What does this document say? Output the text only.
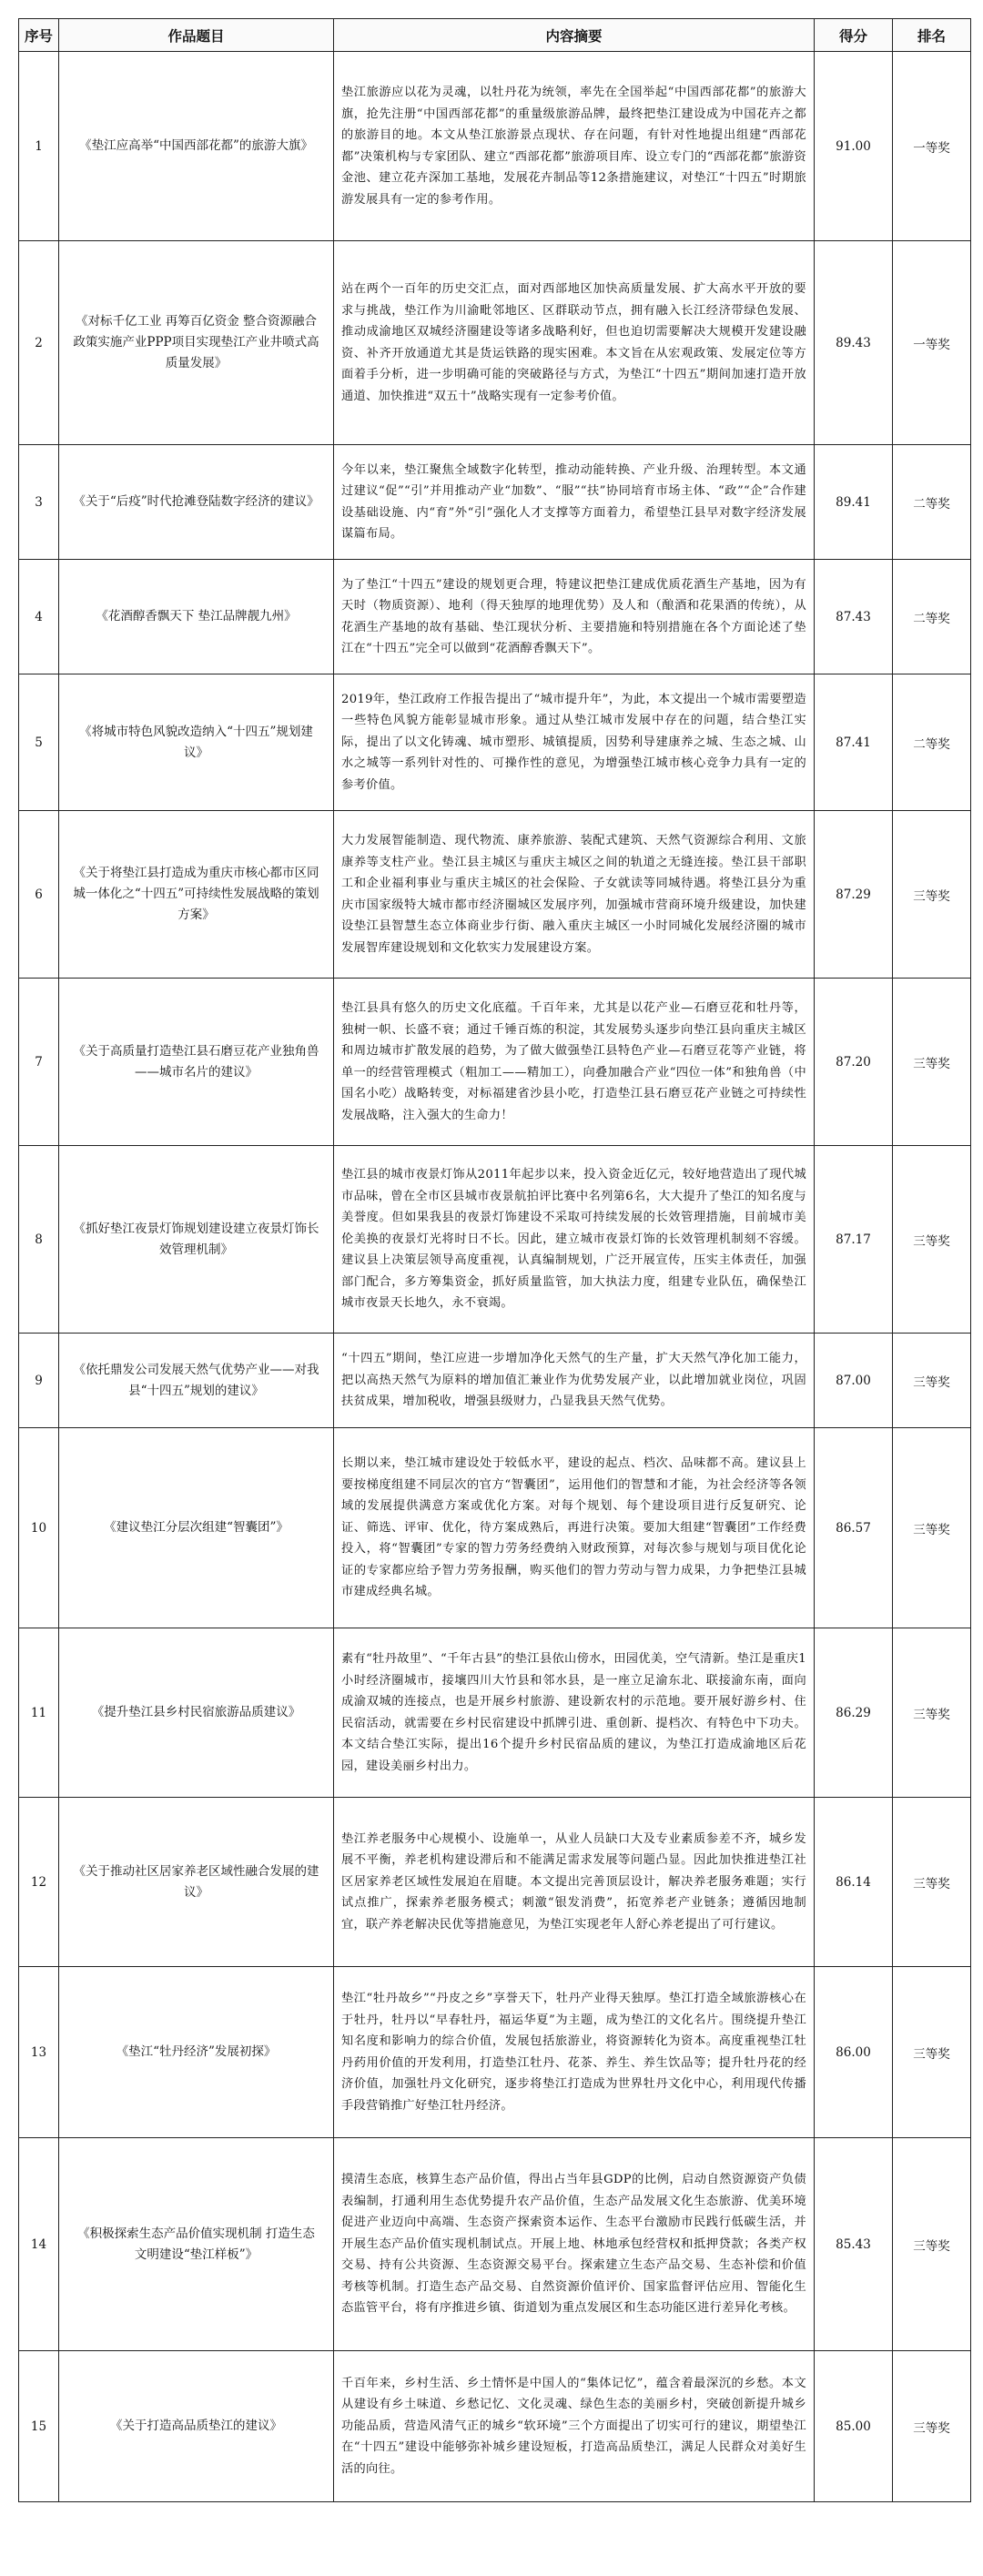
序号	作品题目	内容摘要	得分	排名
1	《垫江应高举“中国西部花都”的旅游大旗》	垫江旅游应以花为灵魂，以牡丹花为统领，率先在全国举起“中国西部花都”的旅游大旗，抢先注册“中国西部花都”的重量级旅游品牌，最终把垫江建设成为中国花卉之都的旅游目的地。本文从垫江旅游景点现状、存在问题，有针对性地提出组建“西部花都”决策机构与专家团队、建立“西部花都”旅游项目库、设立专门的“西部花都”旅游资金池、建立花卉深加工基地，发展花卉制品等12条措施建议，对垫江“十四五”时期旅游发展具有一定的参考作用。	91.00	一等奖
2	《对标千亿工业 再筹百亿资金 整合资源融合政策实施产业PPP项目实现垫江产业井喷式高质量发展》	站在两个一百年的历史交汇点，面对西部地区加快高质量发展、扩大高水平开放的要求与挑战，垫江作为川渝毗邻地区、区群联动节点，拥有融入长江经济带绿色发展、推动成渝地区双城经济圈建设等诸多战略利好，但也迫切需要解决大规模开发建设融资、补齐开放通道尤其是货运铁路的现实困难。本文旨在从宏观政策、发展定位等方面着手分析，进一步明确可能的突破路径与方式，为垫江“十四五”期间加速打造开放通道、加快推进“双五十”战略实现有一定参考价值。	89.43	一等奖
3	《关于“后疫”时代抢滩登陆数字经济的建议》	今年以来，垫江聚焦全域数字化转型，推动动能转换、产业升级、治理转型。本文通过建议“促”“引”并用推动产业“加数”、“服”“扶”协同培育市场主体、“政”“企”合作建设基础设施、内“育”外“引”强化人才支撑等方面着力，希望垫江县早对数字经济发展谋篇布局。	89.41	二等奖
4	《花酒醇香飘天下 垫江品牌靓九州》	为了垫江“十四五”建设的规划更合理，特建议把垫江建成优质花酒生产基地，因为有天时（物质资源）、地利（得天独厚的地理优势）及人和（酿酒和花果酒的传统），从花酒生产基地的故有基础、垫江现状分析、主要措施和特别措施在各个方面论述了垫江在“十四五”完全可以做到“花酒醇香飘天下”。	87.43	二等奖
5	《将城市特色风貌改造纳入“十四五”规划建议》	2019年，垫江政府工作报告提出了“城市提升年”，为此，本文提出一个城市需要塑造一些特色风貌方能彰显城市形象。通过从垫江城市发展中存在的问题，结合垫江实际，提出了以文化铸魂、城市塑形、城镇提质，因势利导建康养之城、生态之城、山水之城等一系列针对性的、可操作性的意见，为增强垫江城市核心竞争力具有一定的参考价值。	87.41	二等奖
6	《关于将垫江县打造成为重庆市核心都市区同城一体化之“十四五”可持续性发展战略的策划方案》	大力发展智能制造、现代物流、康养旅游、装配式建筑、天然气资源综合利用、文旅康养等支柱产业。垫江县主城区与重庆主城区之间的轨道之无缝连接。垫江县干部职工和企业福利事业与重庆主城区的社会保险、子女就读等同城待遇。将垫江县分为重庆市国家级特大城市都市经济圈城区发展序列，加强城市营商环境升级建设，加快建设垫江县智慧生态立体商业步行街、融入重庆主城区一小时同城化发展经济圈的城市发展智库建设规划和文化软实力发展建设方案。	87.29	三等奖
7	《关于高质量打造垫江县石磨豆花产业独角兽——城市名片的建议》	垫江县具有悠久的历史文化底蕴。千百年来，尤其是以花产业—石磨豆花和牡丹等，独树一帜、长盛不衰；通过千锤百炼的积淀，其发展势头逐步向垫江县向重庆主城区和周边城市扩散发展的趋势，为了做大做强垫江县特色产业—石磨豆花等产业链，将单一的经营管理模式（粗加工——精加工），向叠加融合产业“四位一体”和独角兽（中国名小吃）战略转变，对标福建省沙县小吃，打造垫江县石磨豆花产业链之可持续性发展战略，注入强大的生命力！	87.20	三等奖
8	《抓好垫江夜景灯饰规划建设建立夜景灯饰长效管理机制》	垫江县的城市夜景灯饰从2011年起步以来，投入资金近亿元，较好地营造出了现代城市品味，曾在全市区县城市夜景航拍评比赛中名列第6名，大大提升了垫江的知名度与美誉度。但如果我县的夜景灯饰建设不采取可持续发展的长效管理措施，目前城市美伦美换的夜景灯光将时日不长。因此，建立城市夜景灯饰的长效管理机制刻不容缓。建议县上决策层领导高度重视，认真编制规划，广泛开展宣传，压实主体责任，加强部门配合，多方筹集资金，抓好质量监管，加大执法力度，组建专业队伍，确保垫江城市夜景天长地久，永不衰竭。	87.17	三等奖
9	《依托鼎发公司发展天然气优势产业——对我县“十四五”规划的建议》	“十四五”期间，垫江应进一步增加净化天然气的生产量，扩大天然气净化加工能力，把以高热天然气为原料的增加值汇兼业作为优势发展产业，以此增加就业岗位，巩固扶贫成果，增加税收，增强县级财力，凸显我县天然气优势。	87.00	三等奖
10	《建议垫江分层次组建“智囊团”》	长期以来，垫江城市建设处于较低水平，建设的起点、档次、品味都不高。建议县上要按梯度组建不同层次的官方“智囊团”，运用他们的智慧和才能，为社会经济等各领域的发展提供满意方案或优化方案。对每个规划、每个建设项目进行反复研究、论证、筛选、评审、优化，待方案成熟后，再进行决策。要加大组建“智囊团”工作经费投入，将“智囊团”专家的智力劳务经费纳入财政预算，对每次参与规划与项目优化论证的专家都应给予智力劳务报酬，购买他们的智力劳动与智力成果，力争把垫江县城市建成经典名城。	86.57	三等奖
11	《提升垫江县乡村民宿旅游品质建议》	素有“牡丹故里”、“千年古县”的垫江县依山傍水，田园优美，空气清新。垫江是重庆1小时经济圈城市，接壤四川大竹县和邻水县，是一座立足渝东北、联接渝东南，面向成渝双城的连接点，也是开展乡村旅游、建设新农村的示范地。要开展好游乡村、住民宿活动，就需要在乡村民宿建设中抓牌引进、重创新、提档次、有特色中下功夫。本文结合垫江实际，提出16个提升乡村民宿品质的建议，为垫江打造成渝地区后花园，建设美丽乡村出力。	86.29	三等奖
12	《关于推动社区居家养老区域性融合发展的建议》	垫江养老服务中心规模小、设施单一，从业人员缺口大及专业素质参差不齐，城乡发展不平衡，养老机构建设滞后和不能满足需求发展等问题凸显。因此加快推进垫江社区居家养老区域性发展迫在眉睫。本文提出完善顶层设计，解决养老服务难题；实行试点推广，探索养老服务模式；刺激“银发消费”，拓宽养老产业链条；遵循因地制宜，联产养老解决民优等措施意见，为垫江实现老年人舒心养老提出了可行建议。	86.14	三等奖
13	《垫江“牡丹经济”发展初探》	垫江“牡丹故乡”“丹皮之乡”享誉天下，牡丹产业得天独厚。垫江打造全域旅游核心在于牡丹，牡丹以“早春牡丹，福运华夏”为主题，成为垫江的文化名片。围绕提升垫江知名度和影响力的综合价值，发展包括旅游业，将资源转化为资本。高度重视垫江牡丹药用价值的开发利用，打造垫江牡丹、花茶、养生、养生饮品等；提升牡丹花的经济价值，加强牡丹文化研究，逐步将垫江打造成为世界牡丹文化中心，利用现代传播手段营销推广好垫江牡丹经济。	86.00	三等奖
14	《积极探索生态产品价值实现机制 打造生态文明建设“垫江样板”》	摸清生态底，核算生态产品价值，得出占当年县GDP的比例，启动自然资源资产负债表编制，打通利用生态优势提升农产品价值，生态产品发展文化生态旅游、优美环境促进产业迈向中高端、生态资产探索资本运作、生态平台激励市民践行低碳生活，并开展生态产品价值实现机制试点。开展上地、林地承包经营权和抵押贷款；各类产权交易、持有公共资源、生态资源交易平台。探索建立生态产品交易、生态补偿和价值考核等机制。打造生态产品交易、自然资源价值评价、国家监督评估应用、智能化生态监管平台，将有序推进乡镇、街道划为重点发展区和生态功能区进行差异化考核。	85.43	三等奖
15	《关于打造高品质垫江的建议》	千百年来，乡村生活、乡土情怀是中国人的“集体记忆”，蕴含着最深沉的乡愁。本文从建设有乡土味道、乡愁记忆、文化灵魂、绿色生态的美丽乡村，突破创新提升城乡功能品质，营造风清气正的城乡“软环境”三个方面提出了切实可行的建议，期望垫江在“十四五”建设中能够弥补城乡建设短板，打造高品质垫江，满足人民群众对美好生活的向往。	85.00	三等奖
